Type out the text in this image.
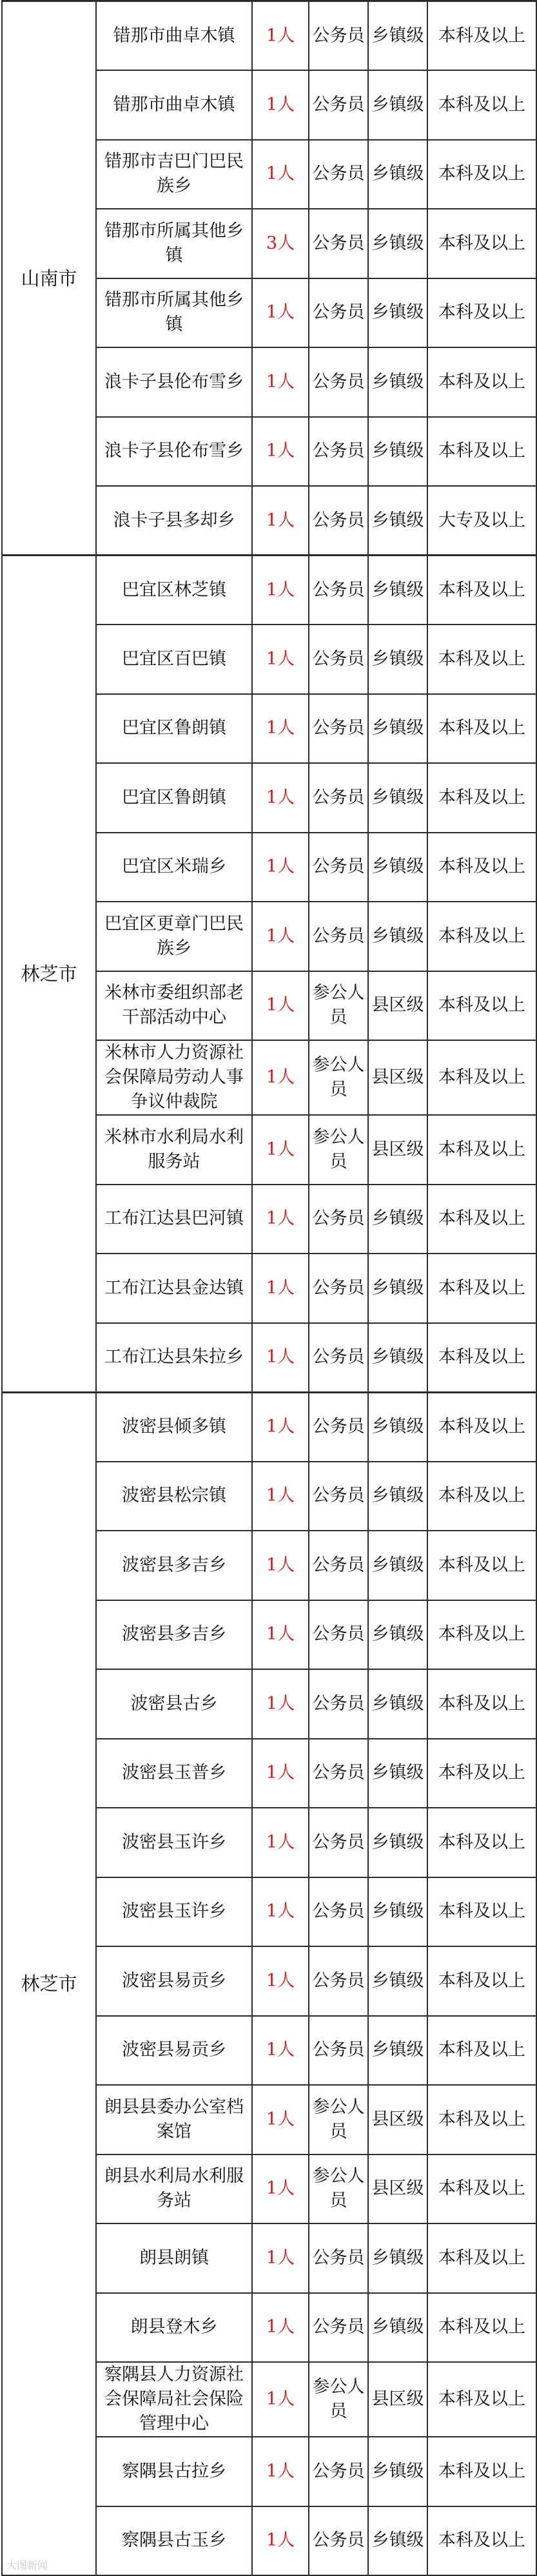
山南市	错那市曲卓木镇	1人	公务员	乡镇级	本科及以上
	错那市曲卓木镇	1人	公务员	乡镇级	本科及以上
	错那市吉巴门巴民族乡	1人	公务员	乡镇级	本科及以上
	错那市所属其他乡镇	3人	公务员	乡镇级	本科及以上
	错那市所属其他乡镇	1人	公务员	乡镇级	本科及以上
	浪卡子县伦布雪乡	1人	公务员	乡镇级	本科及以上
	浪卡子县伦布雪乡	1人	公务员	乡镇级	本科及以上
	浪卡子县多却乡	1人	公务员	乡镇级	大专及以上
林芝市	巴宜区林芝镇	1人	公务员	乡镇级	本科及以上
	巴宜区百巴镇	1人	公务员	乡镇级	本科及以上
	巴宜区鲁朗镇	1人	公务员	乡镇级	本科及以上
	巴宜区鲁朗镇	1人	公务员	乡镇级	本科及以上
	巴宜区米瑞乡	1人	公务员	乡镇级	本科及以上
	巴宜区更章门巴民族乡	1人	公务员	乡镇级	本科及以上
	米林市委组织部老干部活动中心	1人	参公人员	县区级	本科及以上
	米林市人力资源社会保障局劳动人事争议仲裁院	1人	参公人员	县区级	本科及以上
	米林市水利局水利服务站	1人	参公人员	县区级	本科及以上
	工布江达县巴河镇	1人	公务员	乡镇级	本科及以上
	工布江达县金达镇	1人	公务员	乡镇级	本科及以上
	工布江达县朱拉乡	1人	公务员	乡镇级	本科及以上
林芝市	波密县倾多镇	1人	公务员	乡镇级	本科及以上
	波密县松宗镇	1人	公务员	乡镇级	本科及以上
	波密县多吉乡	1人	公务员	乡镇级	本科及以上
	波密县多吉乡	1人	公务员	乡镇级	本科及以上
	波密县古乡	1人	公务员	乡镇级	本科及以上
	波密县玉普乡	1人	公务员	乡镇级	本科及以上
	波密县玉许乡	1人	公务员	乡镇级	本科及以上
	波密县玉许乡	1人	公务员	乡镇级	本科及以上
	波密县易贡乡	1人	公务员	乡镇级	本科及以上
	波密县易贡乡	1人	公务员	乡镇级	本科及以上
	朗县县委办公室档案馆	1人	参公人员	县区级	本科及以上
	朗县水利局水利服务站	1人	参公人员	县区级	本科及以上
	朗县朗镇	1人	公务员	乡镇级	本科及以上
	朗县登木乡	1人	公务员	乡镇级	本科及以上
	察隅县人力资源社会保障局社会保险管理中心	1人	参公人员	县区级	本科及以上
	察隅县古拉乡	1人	公务员	乡镇级	本科及以上
	察隅县古玉乡	1人	公务员	乡镇级	本科及以上
大图新闻
